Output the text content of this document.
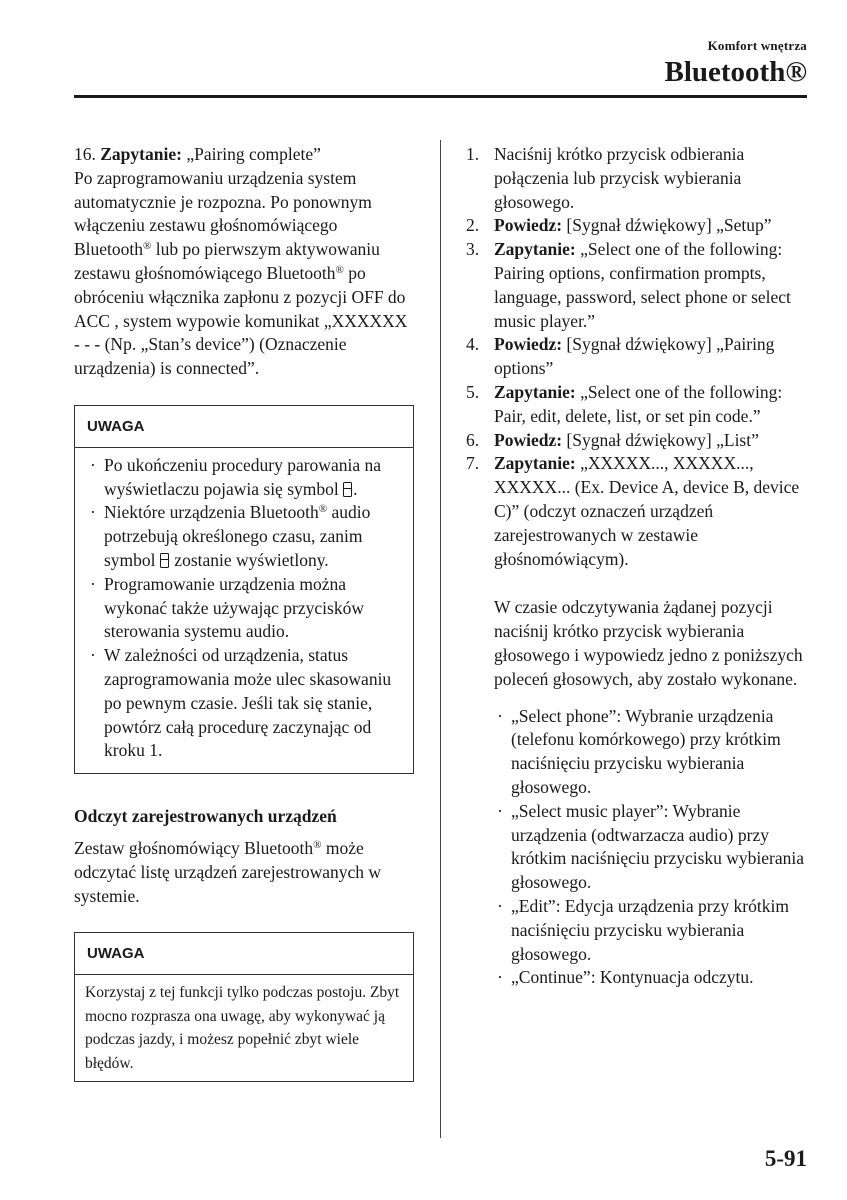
Komfort wnętrza
Bluetooth®

16. Zapytanie: „Pairing complete”

Po zaprogramowaniu urządzenia system automatycznie je rozpozna. Po ponownym włączeniu zestawu głośnomówiącego Bluetooth® lub po pierwszym aktywowaniu zestawu głośnomówiącego Bluetooth® po obróceniu włącznika zapłonu z pozycji OFF do ACC , system wypowie komunikat „XXXXXX - - - (Np. „Stan’s device”) (Oznaczenie urządzenia) is connected”.

UWAGA
· Po ukończeniu procedury parowania na wyświetlaczu pojawia się symbol .
· Niektóre urządzenia Bluetooth® audio potrzebują określonego czasu, zanim symbol  zostanie wyświetlony.
· Programowanie urządzenia można wykonać także używając przycisków sterowania systemu audio.
· W zależności od urządzenia, status zaprogramowania może ulec skasowaniu po pewnym czasie. Jeśli tak się stanie, powtórz całą procedurę zaczynając od kroku 1.

Odczyt zarejestrowanych urządzeń

Zestaw głośnomówiący Bluetooth® może odczytać listę urządzeń zarejestrowanych w systemie.

UWAGA
Korzystaj z tej funkcji tylko podczas postoju. Zbyt mocno rozprasza ona uwagę, aby wykonywać ją podczas jazdy, i możesz popełnić zbyt wiele błędów.
1. Naciśnij krótko przycisk odbierania połączenia lub przycisk wybierania głosowego.
2. Powiedz: [Sygnał dźwiękowy] „Setup”
3. Zapytanie: „Select one of the following: Pairing options, confirmation prompts, language, password, select phone or select music player.”
4. Powiedz: [Sygnał dźwiękowy] „Pairing options”
5. Zapytanie: „Select one of the following: Pair, edit, delete, list, or set pin code.”
6. Powiedz: [Sygnał dźwiękowy] „List”
7. Zapytanie: „XXXXX..., XXXXX..., XXXXX... (Ex. Device A, device B, device C)” (odczyt oznaczeń urządzeń zarejestrowanych w zestawie głośnomówiącym).

W czasie odczytywania żądanej pozycji naciśnij krótko przycisk wybierania głosowego i wypowiedz jedno z poniższych poleceń głosowych, aby zostało wykonane.

· „Select phone”: Wybranie urządzenia (telefonu komórkowego) przy krótkim naciśnięciu przycisku wybierania głosowego.
· „Select music player”: Wybranie urządzenia (odtwarzacza audio) przy krótkim naciśnięciu przycisku wybierania głosowego.
· „Edit”: Edycja urządzenia przy krótkim naciśnięciu przycisku wybierania głosowego.
· „Continue”: Kontynuacja odczytu.
5-91
